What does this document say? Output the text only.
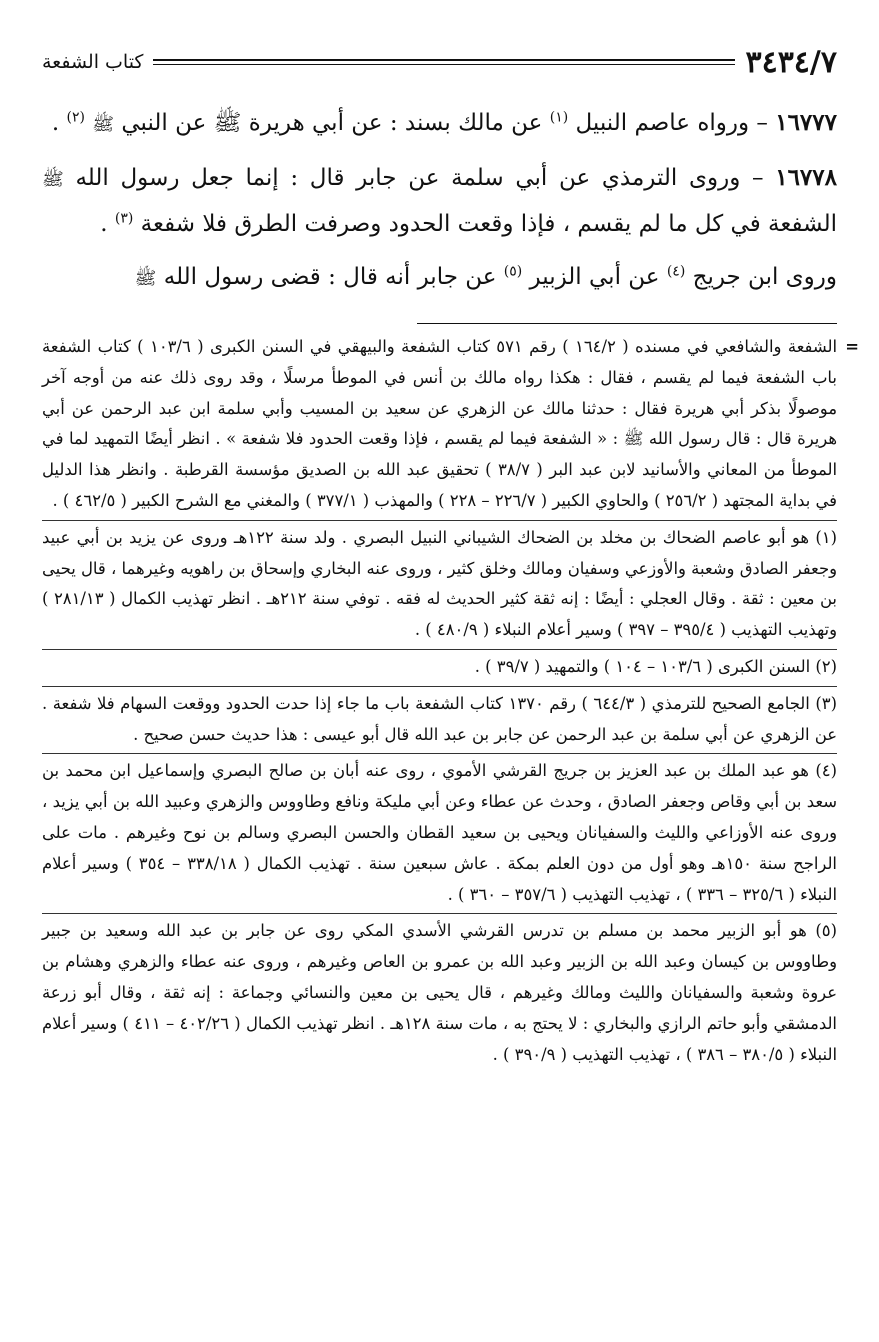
٣٤٣٤/٧
كتاب الشفعة

١٦٧٧٧ – ورواه عاصم النبيل $^{(١)}$ عن مالك بسند : عن أبي هريرة ﷺ عن النبي ﷺ $^{(٢)}$ .

١٦٧٧٨ – وروى الترمذي عن أبي سلمة عن جابر قال : إنما جعل رسول الله ﷺ الشفعة في كل ما لم يقسم ، فإذا وقعت الحدود وصرفت الطرق فلا شفعة $^{(٣)}$ .

وروى ابن جريج $^{(٤)}$ عن أبي الزبير $^{(٥)}$ عن جابر أنه قال : قضى رسول الله ﷺ

=
الشفعة والشافعي في مسنده ( ١٦٤/٢ ) رقم ٥٧١ كتاب الشفعة والبيهقي في السنن الكبرى ( ١٠٣/٦ ) كتاب الشفعة باب الشفعة فيما لم يقسم ، فقال : هكذا رواه مالك بن أنس في الموطأ مرسلًا ، وقد روى ذلك عنه من أوجه آخر موصولًا بذكر أبي هريرة فقال : حدثنا مالك عن الزهري عن سعيد بن المسيب وأبي سلمة ابن عبد الرحمن عن أبي هريرة قال : قال رسول الله ﷺ : « الشفعة فيما لم يقسم ، فإذا وقعت الحدود فلا شفعة » . انظر أيضًا التمهيد لما في الموطأ من المعاني والأسانيد لابن عبد البر ( ٣٨/٧ ) تحقيق عبد الله بن الصديق مؤسسة القرطبة . وانظر هذا الدليل في بداية المجتهد ( ٢٥٦/٢ ) والحاوي الكبير ( ٢٢٦/٧ – ٢٢٨ ) والمهذب ( ٣٧٧/١ ) والمغني مع الشرح الكبير ( ٤٦٢/٥ ) .

(١) هو أبو عاصم الضحاك بن مخلد بن الضحاك الشيباني النبيل البصري . ولد سنة ١٢٢هـ وروى عن يزيد بن أبي عبيد وجعفر الصادق وشعبة والأوزعي وسفيان ومالك وخلق كثير ، وروى عنه البخاري وإسحاق بن راهويه وغيرهما ، قال يحيى بن معين : ثقة . وقال العجلي : أيضًا : إنه ثقة كثير الحديث له فقه . توفي سنة ٢١٢هـ . انظر تهذيب الكمال ( ٢٨١/١٣ ) وتهذيب التهذيب ( ٣٩٥/٤ – ٣٩٧ ) وسير أعلام النبلاء ( ٤٨٠/٩ ) .

(٢) السنن الكبرى ( ١٠٣/٦ – ١٠٤ ) والتمهيد ( ٣٩/٧ ) .

(٣) الجامع الصحيح للترمذي ( ٦٤٤/٣ ) رقم ١٣٧٠ كتاب الشفعة باب ما جاء إذا حدت الحدود ووقعت السهام فلا شفعة . عن الزهري عن أبي سلمة بن عبد الرحمن عن جابر بن عبد الله قال أبو عيسى : هذا حديث حسن صحيح .

(٤) هو عبد الملك بن عبد العزيز بن جريج القرشي الأموي ، روى عنه أبان بن صالح البصري وإسماعيل ابن محمد بن سعد بن أبي وقاص وجعفر الصادق ، وحدث عن عطاء وعن أبي مليكة ونافع وطاووس والزهري وعبيد الله بن أبي يزيد ، وروى عنه الأوزاعي والليث والسفيانان ويحيى بن سعيد القطان والحسن البصري وسالم بن نوح وغيرهم . مات على الراجح سنة ١٥٠هـ وهو أول من دون العلم بمكة . عاش سبعين سنة . تهذيب الكمال ( ٣٣٨/١٨ – ٣٥٤ ) وسير أعلام النبلاء ( ٣٢٥/٦ – ٣٣٦ ) ، تهذيب التهذيب ( ٣٥٧/٦ – ٣٦٠ ) .

(٥) هو أبو الزبير محمد بن مسلم بن تدرس القرشي الأسدي المكي روى عن جابر بن عبد الله وسعيد بن جبير وطاووس بن كيسان وعبد الله بن الزبير وعبد الله بن عمرو بن العاص وغيرهم ، وروى عنه عطاء والزهري وهشام بن عروة وشعبة والسفيانان والليث ومالك وغيرهم ، قال يحيى بن معين والنسائي وجماعة : إنه ثقة ، وقال أبو زرعة الدمشقي وأبو حاتم الرازي والبخاري : لا يحتج به ، مات سنة ١٢٨هـ . انظر تهذيب الكمال ( ٤٠٢/٢٦ – ٤١١ ) وسير أعلام النبلاء ( ٣٨٠/٥ – ٣٨٦ ) ، تهذيب التهذيب ( ٣٩٠/٩ ) .
